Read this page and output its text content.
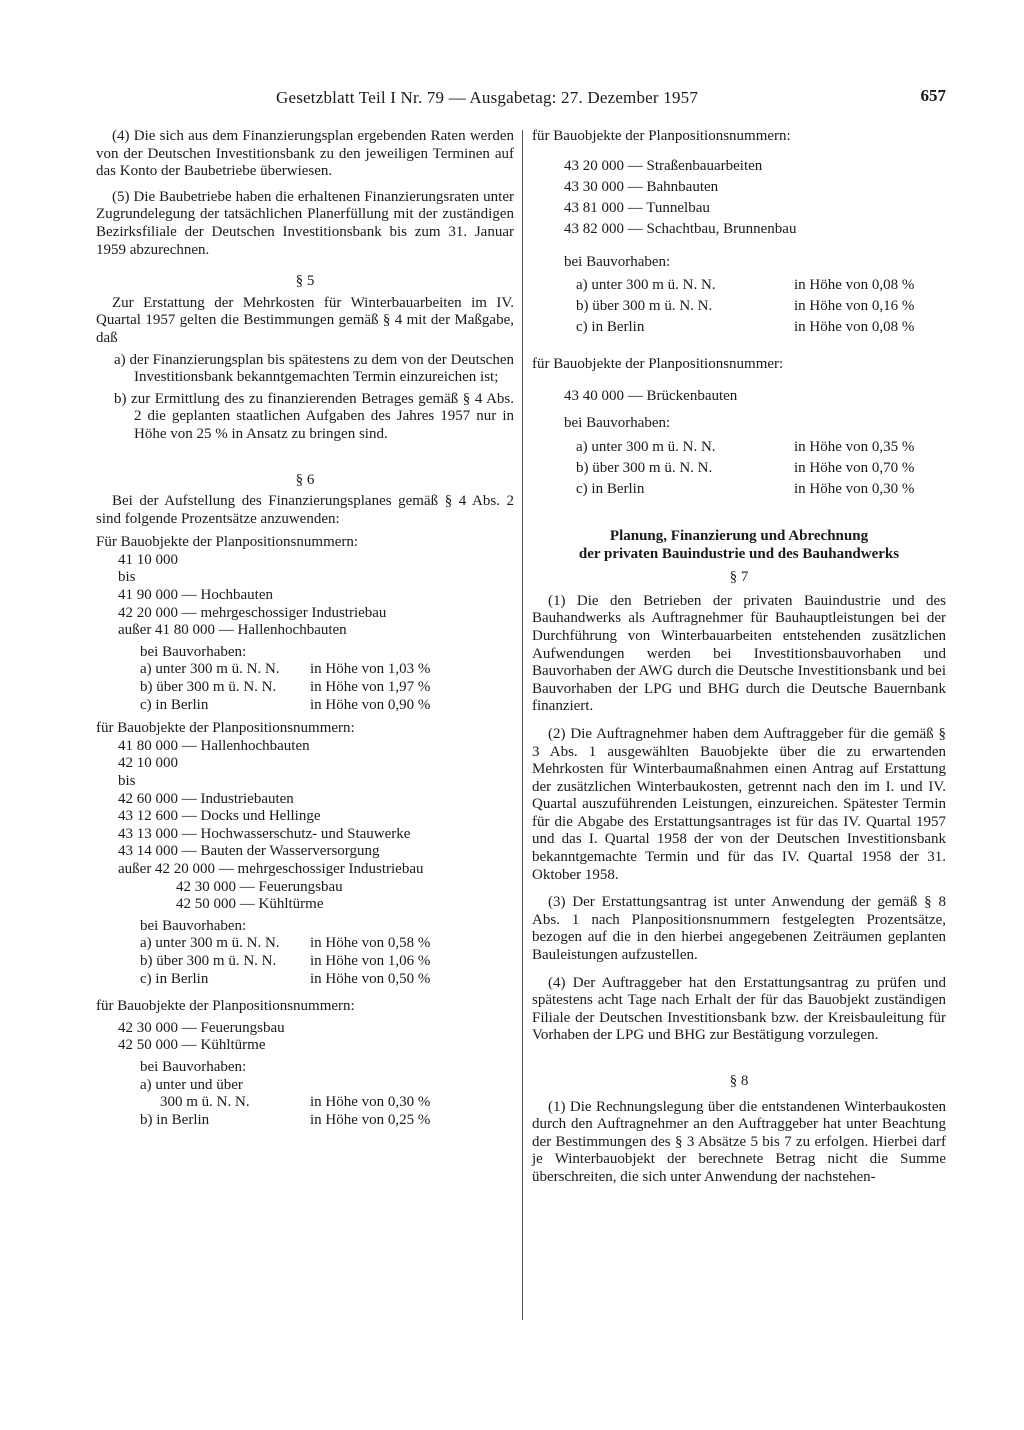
Gesetzblatt Teil I Nr. 79 — Ausgabetag: 27. Dezember 1957	657

(4) Die sich aus dem Finanzierungsplan ergebenden Raten werden von der Deutschen Investitionsbank zu den jeweiligen Terminen auf das Konto der Baubetriebe überwiesen.

(5) Die Baubetriebe haben die erhaltenen Finanzierungsraten unter Zugrundelegung der tatsächlichen Planerfüllung mit der zuständigen Bezirksfiliale der Deutschen Investitionsbank bis zum 31. Januar 1959 abzurechnen.

§ 5

Zur Erstattung der Mehrkosten für Winterbauarbeiten im IV. Quartal 1957 gelten die Bestimmungen gemäß § 4 mit der Maßgabe, daß

a) der Finanzierungsplan bis spätestens zu dem von der Deutschen Investitionsbank bekanntgemachten Termin einzureichen ist;

b) zur Ermittlung des zu finanzierenden Betrages gemäß § 4 Abs. 2 die geplanten staatlichen Aufgaben des Jahres 1957 nur in Höhe von 25 % in Ansatz zu bringen sind.

§ 6

Bei der Aufstellung des Finanzierungsplanes gemäß § 4 Abs. 2 sind folgende Prozentsätze anzuwenden:

Für Bauobjekte der Planpositionsnummern:

41 10 000

bis

41 90 000 — Hochbauten

42 20 000 — mehrgeschossiger Industriebau

außer 41 80 000 — Hallenhochbauten

bei Bauvorhaben:

a) unter 300 m ü. N. N.	in Höhe von 1,03 %

b) über 300 m ü. N. N.	in Höhe von 1,97 %

c) in Berlin	in Höhe von 0,90 %

für Bauobjekte der Planpositionsnummern:

41 80 000 — Hallenhochbauten

42 10 000

bis

42 60 000 — Industriebauten

43 12 600 — Docks und Hellinge

43 13 000 — Hochwasserschutz- und Stauwerke

43 14 000 — Bauten der Wasserversorgung

außer 42 20 000 — mehrgeschossiger Industriebau

42 30 000 — Feuerungsbau

42 50 000 — Kühltürme

bei Bauvorhaben:

a) unter 300 m ü. N. N.	in Höhe von 0,58 %

b) über 300 m ü. N. N.	in Höhe von 1,06 %

c) in Berlin	in Höhe von 0,50 %

für Bauobjekte der Planpositionsnummern:

42 30 000 — Feuerungsbau

42 50 000 — Kühltürme

bei Bauvorhaben:

a) unter und über

300 m ü. N. N.	in Höhe von 0,30 %

b) in Berlin	in Höhe von 0,25 %

für Bauobjekte der Planpositionsnummern:

43 20 000 — Straßenbauarbeiten

43 30 000 — Bahnbauten

43 81 000 — Tunnelbau

43 82 000 — Schachtbau, Brunnenbau

bei Bauvorhaben:

a) unter 300 m ü. N. N.	in Höhe von 0,08 %

b) über 300 m ü. N. N.	in Höhe von 0,16 %

c) in Berlin	in Höhe von 0,08 %

für Bauobjekte der Planpositionsnummer:

43 40 000 — Brückenbauten

bei Bauvorhaben:

a) unter 300 m ü. N. N.	in Höhe von 0,35 %

b) über 300 m ü. N. N.	in Höhe von 0,70 %

c) in Berlin	in Höhe von 0,30 %

Planung, Finanzierung und Abrechnung

der privaten Bauindustrie und des Bauhandwerks

§ 7

(1) Die den Betrieben der privaten Bauindustrie und des Bauhandwerks als Auftragnehmer für Bauhauptleistungen bei der Durchführung von Winterbauarbeiten entstehenden zusätzlichen Aufwendungen werden bei Investitionsbauvorhaben und Bauvorhaben der AWG durch die Deutsche Investitionsbank und bei Bauvorhaben der LPG und BHG durch die Deutsche Bauernbank finanziert.

(2) Die Auftragnehmer haben dem Auftraggeber für die gemäß § 3 Abs. 1 ausgewählten Bauobjekte über die zu erwartenden Mehrkosten für Winterbaumaßnahmen einen Antrag auf Erstattung der zusätzlichen Winterbaukosten, getrennt nach den im I. und IV. Quartal auszuführenden Leistungen, einzureichen. Spätester Termin für die Abgabe des Erstattungsantrages ist für das IV. Quartal 1957 und das I. Quartal 1958 der von der Deutschen Investitionsbank bekanntgemachte Termin und für das IV. Quartal 1958 der 31. Oktober 1958.

(3) Der Erstattungsantrag ist unter Anwendung der gemäß § 8 Abs. 1 nach Planpositionsnummern festgelegten Prozentsätze, bezogen auf die in den hierbei angegebenen Zeiträumen geplanten Bauleistungen aufzustellen.

(4) Der Auftraggeber hat den Erstattungsantrag zu prüfen und spätestens acht Tage nach Erhalt der für das Bauobjekt zuständigen Filiale der Deutschen Investitionsbank bzw. der Kreisbauleitung für Vorhaben der LPG und BHG zur Bestätigung vorzulegen.

§ 8

(1) Die Rechnungslegung über die entstandenen Winterbaukosten durch den Auftragnehmer an den Auftraggeber hat unter Beachtung der Bestimmungen des § 3 Absätze 5 bis 7 zu erfolgen. Hierbei darf je Winterbauobjekt der berechnete Betrag nicht die Summe überschreiten, die sich unter Anwendung der nachstehen-
